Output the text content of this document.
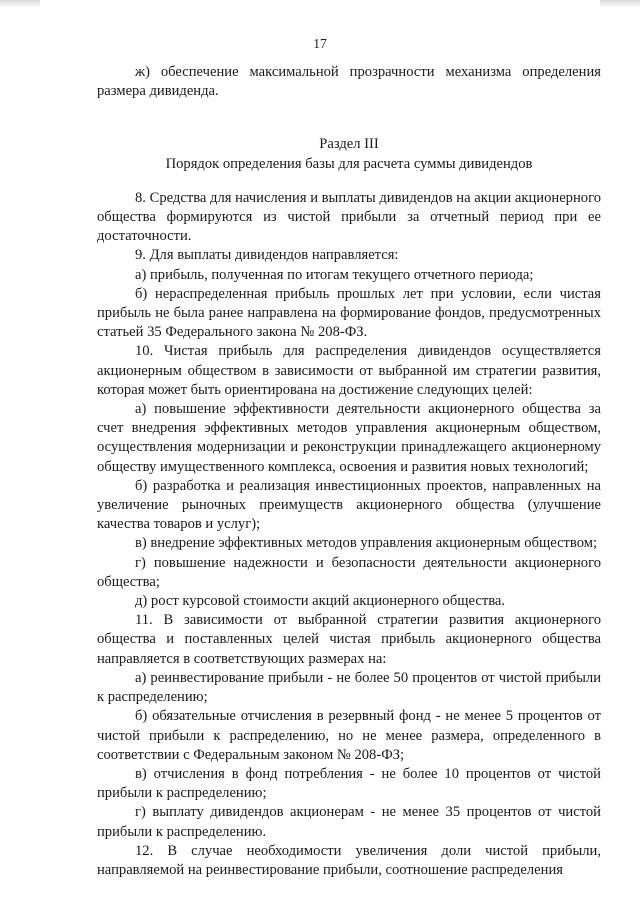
17

ж) обеспечение максимальной прозрачности механизма определения размера дивиденда.

Раздел III

Порядок определения базы для расчета суммы дивидендов

8. Средства для начисления и выплаты дивидендов на акции акционерного общества формируются из чистой прибыли за отчетный период при ее достаточности.

9. Для выплаты дивидендов направляется:

а) прибыль, полученная по итогам текущего отчетного периода;

б) нераспределенная прибыль прошлых лет при условии, если чистая прибыль не была ранее направлена на формирование фондов, предусмотренных статьей 35 Федерального закона № 208-ФЗ.

10. Чистая прибыль для распределения дивидендов осуществляется акционерным обществом в зависимости от выбранной им стратегии развития, которая может быть ориентирована на достижение следующих целей:

а) повышение эффективности деятельности акционерного общества за счет внедрения эффективных методов управления акционерным обществом, осуществления модернизации и реконструкции принадлежащего акционерному обществу имущественного комплекса, освоения и развития новых технологий;

б) разработка и реализация инвестиционных проектов, направленных на увеличение рыночных преимуществ акционерного общества (улучшение качества товаров и услуг);

в) внедрение эффективных методов управления акционерным обществом;

г) повышение надежности и безопасности деятельности акционерного общества;

д) рост курсовой стоимости акций акционерного общества.

11. В зависимости от выбранной стратегии развития акционерного общества и поставленных целей чистая прибыль акционерного общества направляется в соответствующих размерах на:

а) реинвестирование прибыли - не более 50 процентов от чистой прибыли к распределению;

б) обязательные отчисления в резервный фонд - не менее 5 процентов от чистой прибыли к распределению, но не менее размера, определенного в соответствии с Федеральным законом № 208-ФЗ;

в) отчисления в фонд потребления - не более 10 процентов от чистой прибыли к распределению;

г) выплату дивидендов акционерам - не менее 35 процентов от чистой прибыли к распределению.

12. В случае необходимости увеличения доли чистой прибыли, направляемой на реинвестирование прибыли, соотношение распределения
